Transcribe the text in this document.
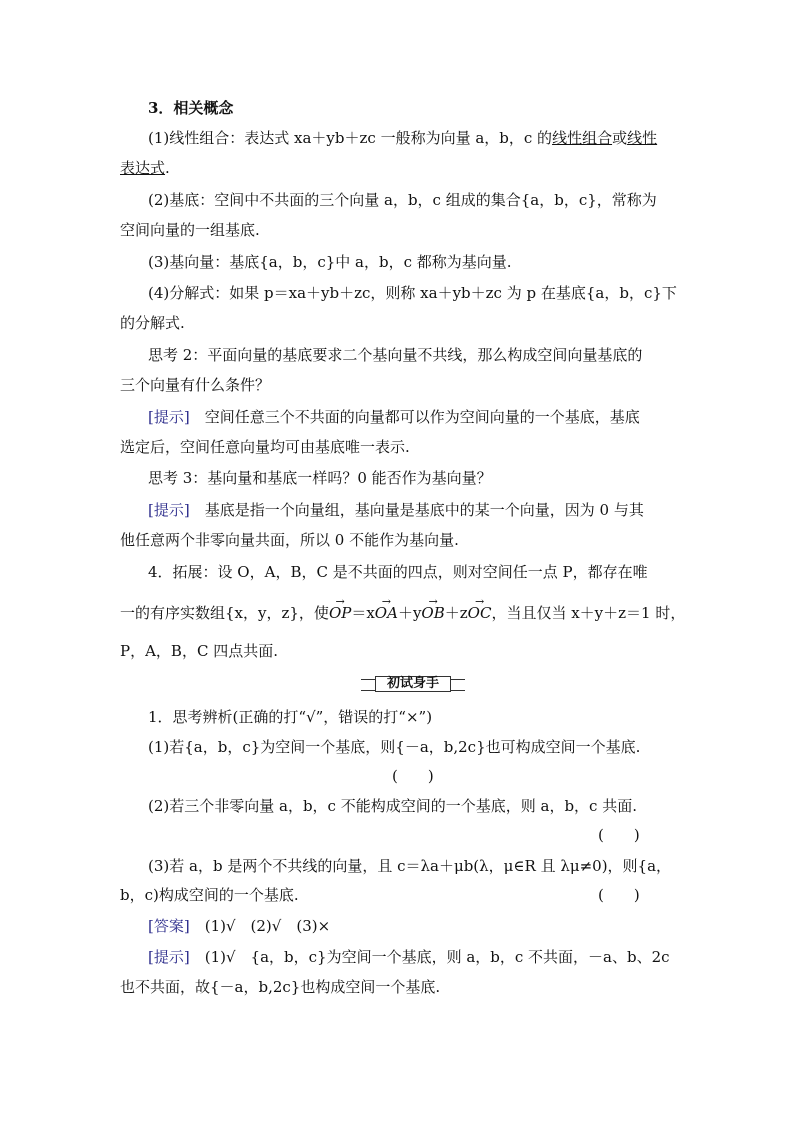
3．相关概念
(1)线性组合：表达式 xa＋yb＋zc 一般称为向量 a，b，c 的线性组合或线性
表达式.
(2)基底：空间中不共面的三个向量 a，b，c 组成的集合{a，b，c}，常称为
空间向量的一组基底.
(3)基向量：基底{a，b，c}中 a，b，c 都称为基向量.
(4)分解式：如果 p＝xa＋yb＋zc，则称 xa＋yb＋zc 为 p 在基底{a，b，c}下
的分解式.
思考 2：平面向量的基底要求二个基向量不共线，那么构成空间向量基底的
三个向量有什么条件？
[提示]　 空间任意三个不共面的向量都可以作为空间向量的一个基底，基底
选定后，空间任意向量均可由基底唯一表示.
思考 3：基向量和基底一样吗？0 能否作为基向量？
[提示]　 基底是指一个向量组，基向量是基底中的某一个向量，因为 0 与其
他任意两个非零向量共面，所以 0 不能作为基向量.
4．拓展：设 O，A，B，C 是不共面的四点，则对空间任一点 P，都存在唯
一的有序实数组{x，y，z}，使→ OP＝x→ OA＋y→ OB＋z→ OC，当且仅当 x＋y＋z＝1 时，
P，A，B，C 四点共面.
初试身手
1．思考辨析(正确的打“√”，错误的打“×”)
(1)若{a，b，c}为空间一个基底，则{－a，b,2c}也可构成空间一个基底.
(　　)
(2)若三个非零向量 a，b，c 不能构成空间的一个基底，则 a，b，c 共面.
(　　)
(3)若 a，b 是两个不共线的向量，且 c＝λa＋μb(λ，μ∈R 且 λμ≠0)，则{a，
b，c)构成空间的一个基底.	(　　)
[答案]　 (1)√　(2)√　(3)×
[提示]　 (1)√　{a，b，c}为空间一个基底，则 a，b，c 不共面，－a、b、2c
也不共面，故{－a，b,2c}也构成空间一个基底.
